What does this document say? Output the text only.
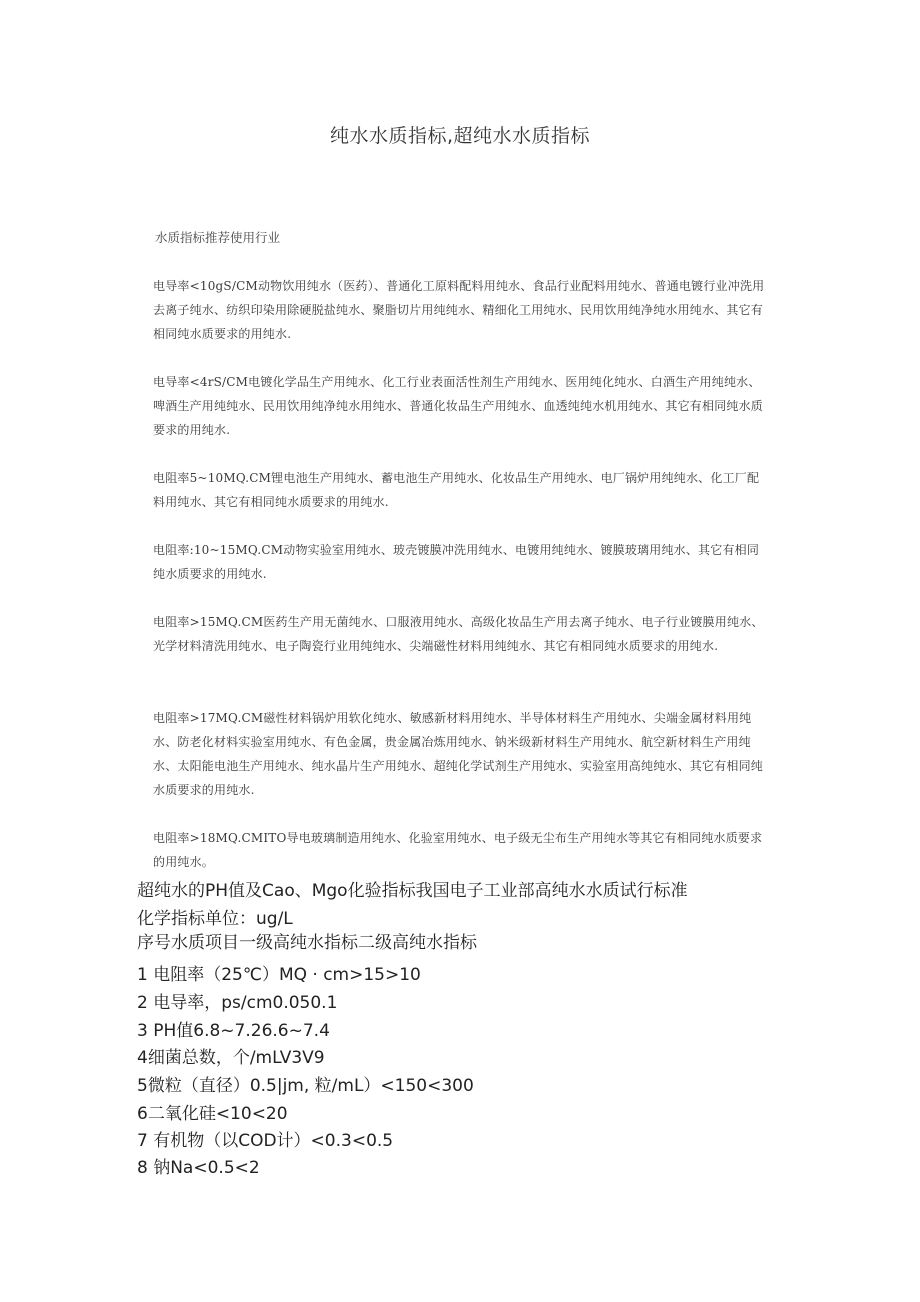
纯水水质指标,超纯水水质指标
水质指标推荐使用行业

电导率<10gS/CM动物饮用纯水（医药）、普通化工原料配料用纯水、食品行业配料用纯水、普通电镀行业冲洗用去离子纯水、纺织印染用除硬脱盐纯水、聚脂切片用纯纯水、精细化工用纯水、民用饮用纯净纯水用纯水、其它有相同纯水质要求的用纯水.

电导率<4rS/CM电镀化学品生产用纯水、化工行业表面活性剂生产用纯水、医用纯化纯水、白酒生产用纯纯水、啤酒生产用纯纯水、民用饮用纯净纯水用纯水、普通化妆品生产用纯水、血透纯纯水机用纯水、其它有相同纯水质要求的用纯水.

电阻率5~10MQ.CM锂电池生产用纯水、蓄电池生产用纯水、化妆品生产用纯水、电厂锅炉用纯纯水、化工厂配料用纯水、其它有相同纯水质要求的用纯水.

电阻率:10~15MQ.CM动物实验室用纯水、玻壳镀膜冲洗用纯水、电镀用纯纯水、镀膜玻璃用纯水、其它有相同纯水质要求的用纯水.

电阻率>15MQ.CM医药生产用无菌纯水、口服液用纯水、高级化妆品生产用去离子纯水、电子行业镀膜用纯水、光学材料清洗用纯水、电子陶瓷行业用纯纯水、尖端磁性材料用纯纯水、其它有相同纯水质要求的用纯水.

电阻率>17MQ.CM磁性材料锅炉用软化纯水、敏感新材料用纯水、半导体材料生产用纯水、尖端金属材料用纯水、防老化材料实验室用纯水、有色金属，贵金属冶炼用纯水、钠米级新材料生产用纯水、航空新材料生产用纯水、太阳能电池生产用纯水、纯水晶片生产用纯水、超纯化学试剂生产用纯水、实验室用高纯纯水、其它有相同纯水质要求的用纯水.

电阻率>18MQ.CMITO导电玻璃制造用纯水、化验室用纯水、电子级无尘布生产用纯水等其它有相同纯水质要求的用纯水。

超纯水的PH值及Cao、Mgo化验指标我国电子工业部高纯水水质试行标准
化学指标单位：ug/L
序号水质项目一级高纯水指标二级高纯水指标
1 电阻率（25℃）MQ · cm>15>10
2 电导率，ps/cm0.050.1
3 PH值6.8~7.26.6~7.4
4细菌总数，个/mLV3V9
5微粒（直径）0.5|jm, 粒/mL）<150<300
6二氧化硅<10<20
7 有机物（以COD计）<0.3<0.5
8 钠Na<0.5<2
